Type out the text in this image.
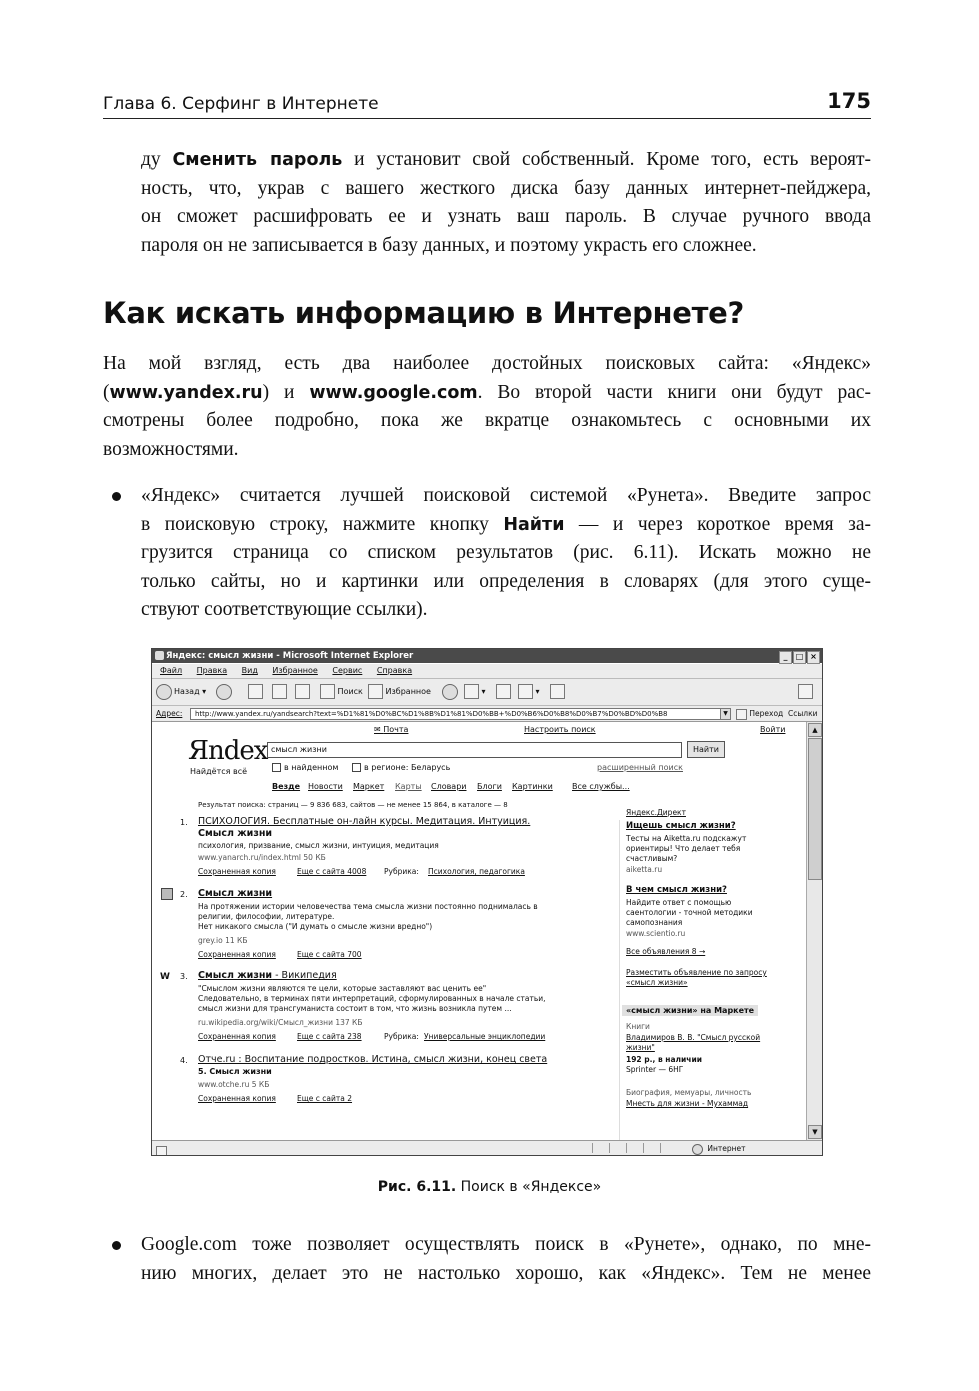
Глава 6. Серфинг в Интернете	175
ду Сменить пароль и установит свой собственный. Кроме того, есть вероят-
ность, что, украв с вашего жесткого диска базу данных интернет-пейджера,
он сможет расшифровать ее и узнать ваш пароль. В случае ручного ввода
пароля он не записывается в базу данных, и поэтому украсть его сложнее.
Как искать информацию в Интернете?
На мой взгляд, есть два наиболее достойных поисковых сайта: «Яндекс»
(www.yandex.ru) и www.google.com. Во второй части книги они будут рас-
смотрены более подробно, пока же вкратце ознакомьтесь с основными их
возможностями.
«Яндекс» считается лучшей поисковой системой «Рунета». Введите запрос
в поисковую строку, нажмите кнопку Найти — и через короткое время за-
грузится страница со списком результатов (рис. 6.11). Искать можно не
только сайты, но и картинки или определения в словарях (для этого суще-
ствуют соответствующие ссылки).
Яндекс: смысл жизни - Microsoft Internet Explorer	_ □ ×
Файл Правка Вид Избранное Сервис Справка
Назад ▾	Поиск	Избранное	▾	▾
Адрес:	http://www.yandex.ru/yandsearch?text=%D1%81%D0%BC%D1%8B%D1%81%D0%BB+%D0%B6%D0%B8%D0%B7%D0%BD%D0%B8	▼	Переход Ссылки
✉ Почта	Настроить поиск	Войти
Яndex
Найдётся всё
смысл жизни	Найти
в найденном	в регионе: Беларусь	расширенный поиск
Везде Новости Маркет Карты Словари Блоги Картинки Все службы...
Результат поиска: страниц — 9 836 683, сайтов — не менее 15 864, в каталоге — 8
1. ПСИХОЛОГИЯ. Бесплатные он-лайн курсы. Медитация. Интуиция.
Смысл жизни
психология, призвание, смысл жизни, интуиция, медитация
www.yanarch.ru/index.html 50 КБ
Сохраненная копия	Еще с сайта 4008 Рубрика: Психология, педагогика
2. Смысл жизни
На протяжении истории человечества тема смысла жизни постоянно поднималась в
религии, философии, литературе.
Нет никакого смысла ("И думать о смысле жизни вредно")
grey.io 11 КБ
Сохраненная копия	Еще с сайта 700
W 3. Смысл жизни - Википедия
"Смыслом жизни являются те цели, которые заставляют вас ценить ее"
Следовательно, в терминах пяти интерпретаций, сформулированных в начале статьи,
смысл жизни для трансгуманиста состоит в том, что жизнь возникла путем ...
ru.wikipedia.org/wiki/Смысл_жизни 137 КБ
Сохраненная копия	Еще с сайта 238	Рубрика: Универсальные энциклопедии
4. Отче.ru : Воспитание подростков. Истина, смысл жизни, конец света
5. Смысл жизни
www.otche.ru 5 КБ
Сохраненная копия	Еще с сайта 2
Яндекс.Директ
Ищешь смысл жизни?
Тесты на Aiketta.ru подскажут
ориентиры! Что делает тебя
счастливым?
aiketta.ru
В чем смысл жизни?
Найдите ответ с помощью
саентологии - точной методики
самопознания
www.scientio.ru
Все объявления 8 →
Разместить объявление по запросу
«смысл жизни»
«смысл жизни» на Маркете
Книги
Владимиров В. В. "Смысл русской
жизни"
192 р., в наличии
Sprinter — 6НГ
Биография, мемуары, личность
Мнесть для жизни - Мухаммад
▲
▼
Интернет
Рис. 6.11. Поиск в «Яндексе»
Google.com тоже позволяет осуществлять поиск в «Рунете», однако, по мне-
нию многих, делает это не настолько хорошо, как «Яндекс». Тем не менее
